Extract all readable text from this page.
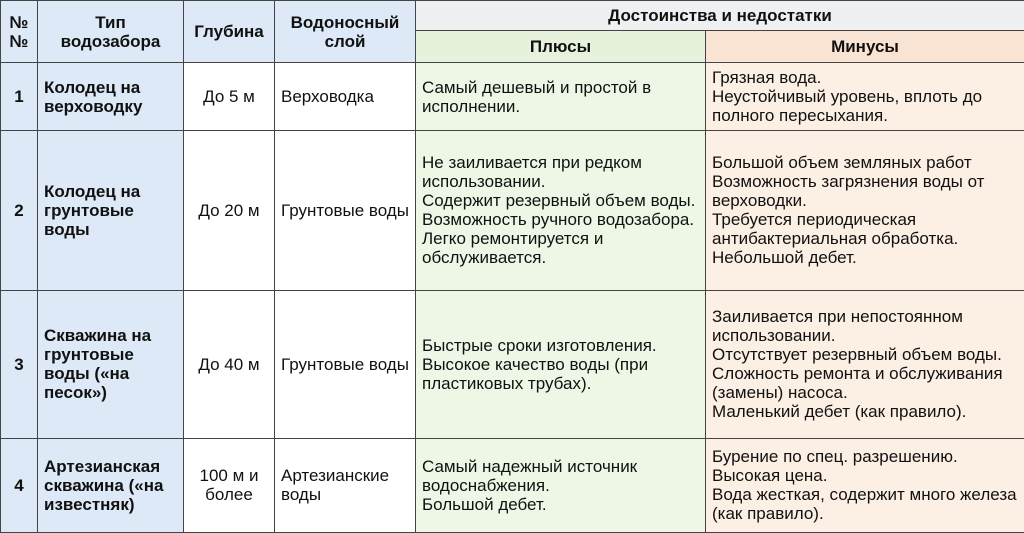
№ №	Тип водозабора	Глубина	Водоносный слой	Достоинства и недостатки	
				Плюсы	Минусы
1	Колодец на верховодку	До 5 м	Верховодка	Самый дешевый и простой в исполнении.	Грязная вода.
Неустойчивый уровень, вплоть до полного пересыхания.

2	Колодец на грунтовые воды	До 20 м	Грунтовые воды	Не заиливается при редком использовании.
Содержит резервный объем воды.
Возможность ручного водозабора.
Легко ремонтируется и обслуживается.	Большой объем земляных работ
Возможность загрязнения воды от верховодки.
Требуется периодическая антибактериальная обработка.
Небольшой дебет.

3	Скважина на грунтовые воды («на песок»)	До 40 м	Грунтовые воды	Быстрые сроки изготовления.
Высокое качество воды (при пластиковых трубах).	Заиливается при непостоянном использовании.
Отсутствует резервный объем воды.
Сложность ремонта и обслуживания (замены) насоса.
Маленький дебет (как правило).

4	Артезианская скважина («на известняк)	100 м и более	Артезианские воды	Самый надежный источник водоснабжения.
Большой дебет.	Бурение по спец. разрешению.
Высокая цена.
Вода жесткая, содержит много железа (как правило).
